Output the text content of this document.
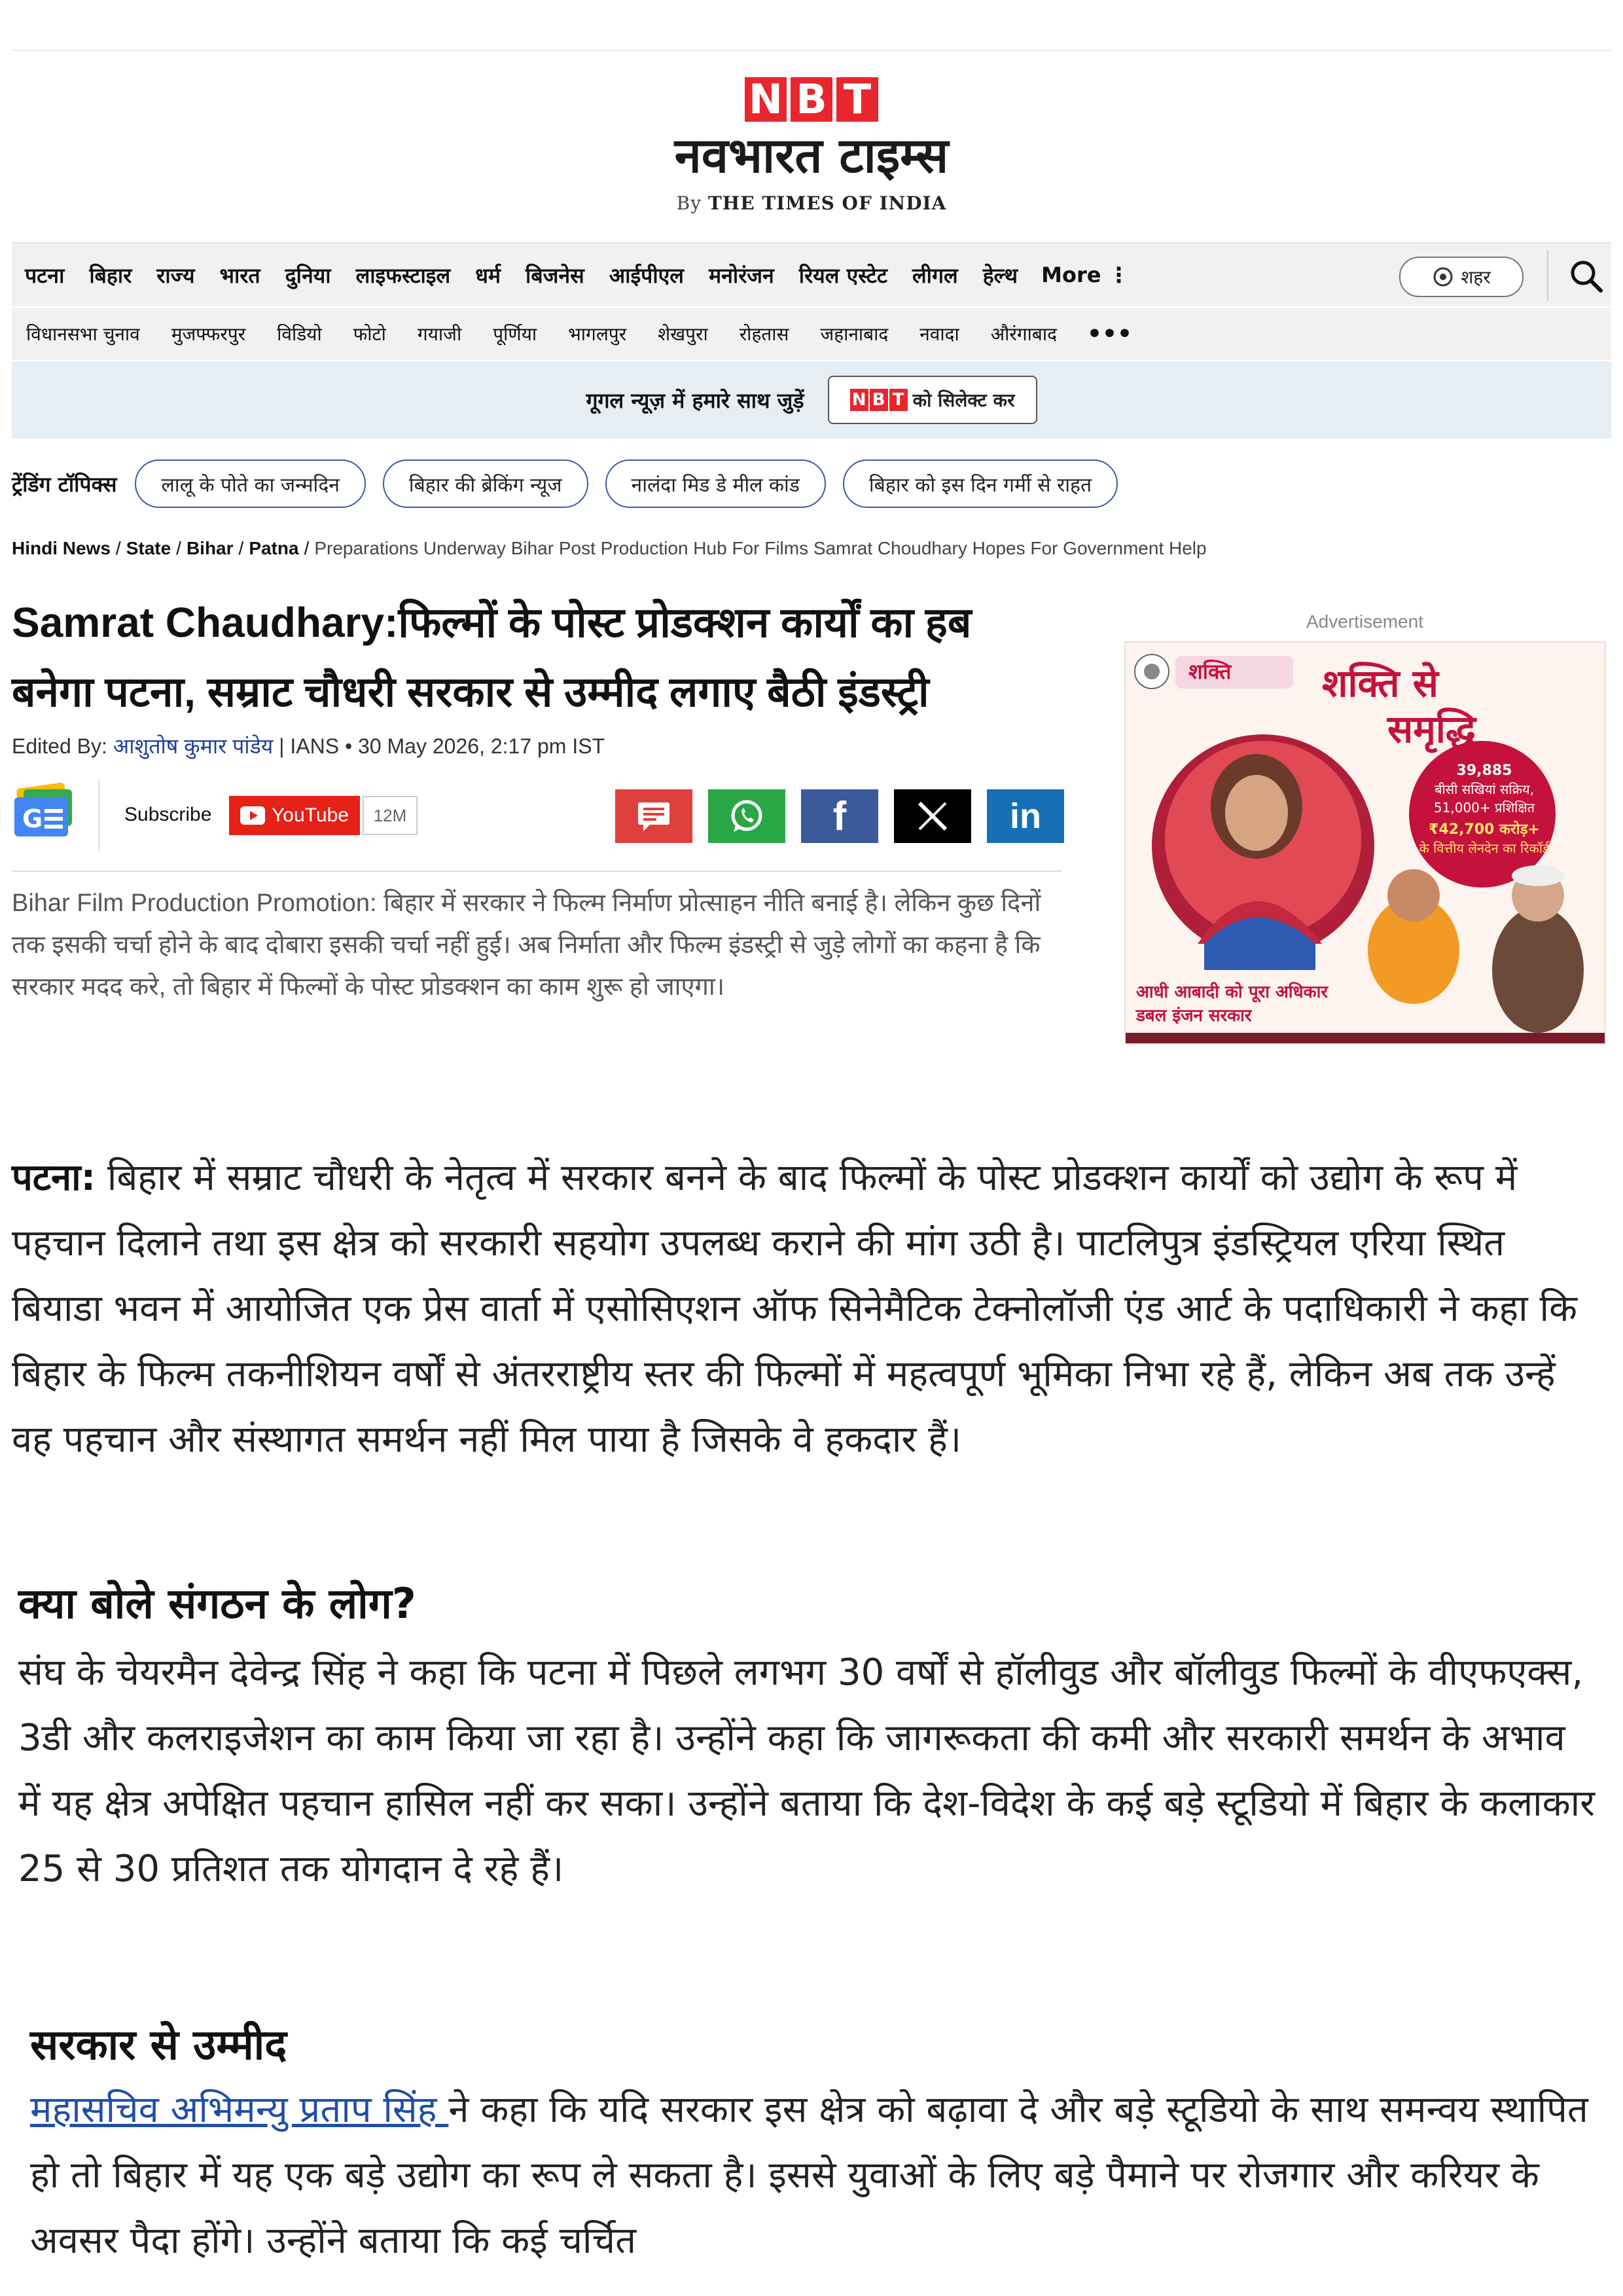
N B T
नवभारत टाइम्स
By THE TIMES OF INDIA
पटना बिहार राज्य भारत दुनिया लाइफस्टाइल धर्म बिजनेस आईपीएल मनोरंजन रियल एस्टेट लीगल हेल्थ More ⋮	शहर
विधानसभा चुनाव मुजफ्फरपुर विडियो फोटो गयाजी पूर्णिया भागलपुर शेखपुरा रोहतास जहानाबाद नवादा औरंगाबाद •••
गूगल न्यूज़ में हमारे साथ जुड़ें	N B T को सिलेक्ट कर
ट्रेंडिंग टॉपिक्स	लालू के पोते का जन्मदिन	बिहार की ब्रेकिंग न्यूज	नालंदा मिड डे मील कांड	बिहार को इस दिन गर्मी से राहत
Hindi News / State / Bihar / Patna / Preparations Underway Bihar Post Production Hub For Films Samrat Choudhary Hopes For Government Help
Samrat Chaudhary:फिल्मों के पोस्ट प्रोडक्शन कार्यों का हब
बनेगा पटना, सम्राट चौधरी सरकार से उम्मीद लगाए बैठी इंडस्ट्री
Edited By: आशुतोष कुमार पांडेय | IANS • 30 May 2026, 2:17 pm IST
G	Subscribe	YouTube	12M	f	in

Bihar Film Production Promotion: बिहार में सरकार ने फिल्म निर्माण प्रोत्साहन नीति बनाई है। लेकिन कुछ दिनों तक इसकी चर्चा होने के बाद दोबारा इसकी चर्चा नहीं हुई। अब निर्माता और फिल्म इंडस्ट्री से जुड़े लोगों का कहना है कि सरकार मदद करे, तो बिहार में फिल्मों के पोस्ट प्रोडक्शन का काम शुरू हो जाएगा।

Advertisement
शक्ति शक्ति से
समृद्धि
39,885
बीसी सखियां सक्रिय, 51,000+ प्रशिक्षित
₹42,700 करोड़+
के वित्तीय लेनदेन का रिकॉर्ड
आधी आबादी को पूरा अधिकार
डबल इंजन सरकार

पटना: बिहार में सम्राट चौधरी के नेतृत्व में सरकार बनने के बाद फिल्मों के पोस्ट प्रोडक्शन कार्यों को उद्योग के रूप में पहचान दिलाने तथा इस क्षेत्र को सरकारी सहयोग उपलब्ध कराने की मांग उठी है। पाटलिपुत्र इंडस्ट्रियल एरिया स्थित बियाडा भवन में आयोजित एक प्रेस वार्ता में एसोसिएशन ऑफ सिनेमैटिक टेक्नोलॉजी एंड आर्ट के पदाधिकारी ने कहा कि बिहार के फिल्म तकनीशियन वर्षों से अंतरराष्ट्रीय स्तर की फिल्मों में महत्वपूर्ण भूमिका निभा रहे हैं, लेकिन अब तक उन्हें वह पहचान और संस्थागत समर्थन नहीं मिल पाया है जिसके वे हकदार हैं।

क्या बोले संगठन के लोग?

संघ के चेयरमैन देवेन्द्र सिंह ने कहा कि पटना में पिछले लगभग 30 वर्षों से हॉलीवुड और बॉलीवुड फिल्मों के वीएफएक्स, 3डी और कलराइजेशन का काम किया जा रहा है। उन्होंने कहा कि जागरूकता की कमी और सरकारी समर्थन के अभाव में यह क्षेत्र अपेक्षित पहचान हासिल नहीं कर सका। उन्होंने बताया कि देश-विदेश के कई बड़े स्टूडियो में बिहार के कलाकार 25 से 30 प्रतिशत तक योगदान दे रहे हैं।

सरकार से उम्मीद

महासचिव अभिमन्यु प्रताप सिंह ने कहा कि यदि सरकार इस क्षेत्र को बढ़ावा दे और बड़े स्टूडियो के साथ समन्वय स्थापित हो तो बिहार में यह एक बड़े उद्योग का रूप ले सकता है। इससे युवाओं के लिए बड़े पैमाने पर रोजगार और करियर के अवसर पैदा होंगे। उन्होंने बताया कि कई चर्चित
